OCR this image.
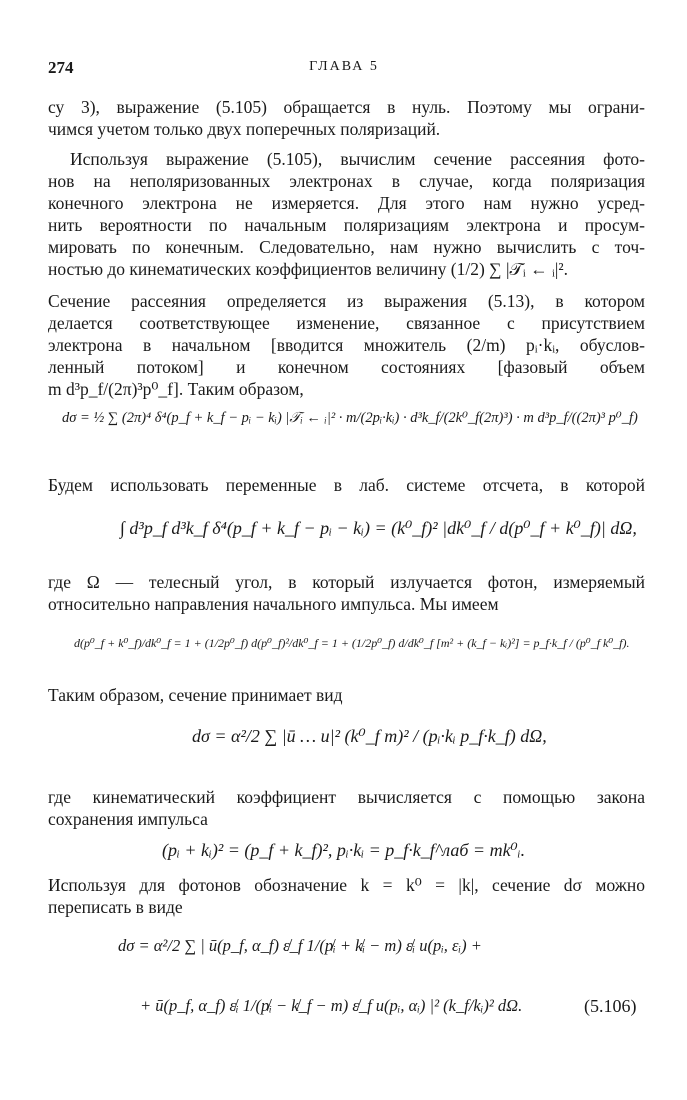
274	ГЛАВА 5
су 3), выражение (5.105) обращается в нуль. Поэтому мы ограни-
чимся учетом только двух поперечных поляризаций.
Используя выражение (5.105), вычислим сечение рассеяния фото-
нов на неполяризованных электронах в случае, когда поляризация
конечного электрона не измеряется. Для этого нам нужно усред-
нить вероятности по начальным поляризациям электрона и просум-
мировать по конечным. Следовательно, нам нужно вычислить с точ-
ностью до кинематических коэффициентов величину (1/2) ∑ |𝒯ᵢ ← ᵢ|².
Сечение рассеяния определяется из выражения (5.13), в котором
делается соответствующее изменение, связанное с присутствием
электрона в начальном [вводится множитель (2/m) pᵢ·kᵢ, обуслов-
ленный потоком] и конечном состояниях [фазовый объем
m d³p_f/(2π)³p⁰_f]. Таким образом,
dσ = ½ ∑ (2π)⁴ δ⁴(p_f + k_f − pᵢ − kᵢ) |𝒯ᵢ ← ᵢ|² · m/(2pᵢ·kᵢ) · d³k_f/(2k⁰_f(2π)³) · m d³p_f/((2π)³ p⁰_f)
Будем использовать переменные в лаб. системе отсчета, в которой
∫ d³p_f d³k_f δ⁴(p_f + k_f − pᵢ − kᵢ) = (k⁰_f)² |dk⁰_f / d(p⁰_f + k⁰_f)| dΩ,
где Ω — телесный угол, в который излучается фотон, измеряемый
относительно направления начального импульса. Мы имеем
d(p⁰_f + k⁰_f)/dk⁰_f = 1 + (1/2p⁰_f) d(p⁰_f)²/dk⁰_f = 1 + (1/2p⁰_f) d/dk⁰_f [m² + (k_f − kᵢ)²] = p_f·k_f / (p⁰_f k⁰_f).
Таким образом, сечение принимает вид
dσ = α²/2 ∑ |ū … u|² (k⁰_f m)² / (pᵢ·kᵢ p_f·k_f) dΩ,
где кинематический коэффициент вычисляется с помощью закона
сохранения импульса
(pᵢ + kᵢ)² = (p_f + k_f)², pᵢ·kᵢ = p_f·k_f^лаб = mk⁰ᵢ.
Используя для фотонов обозначение k = k⁰ = |k|, сечение dσ можно
переписать в виде
dσ = α²/2 ∑ | ū(p_f, α_f) ε̸_f 1/(p̸ᵢ + k̸ᵢ − m) ε̸ᵢ u(pᵢ, εᵢ) +
+ ū(p_f, α_f) ε̸ᵢ 1/(p̸ᵢ − k̸_f − m) ε̸_f u(pᵢ, αᵢ) |² (k_f/kᵢ)² dΩ.	(5.106)
